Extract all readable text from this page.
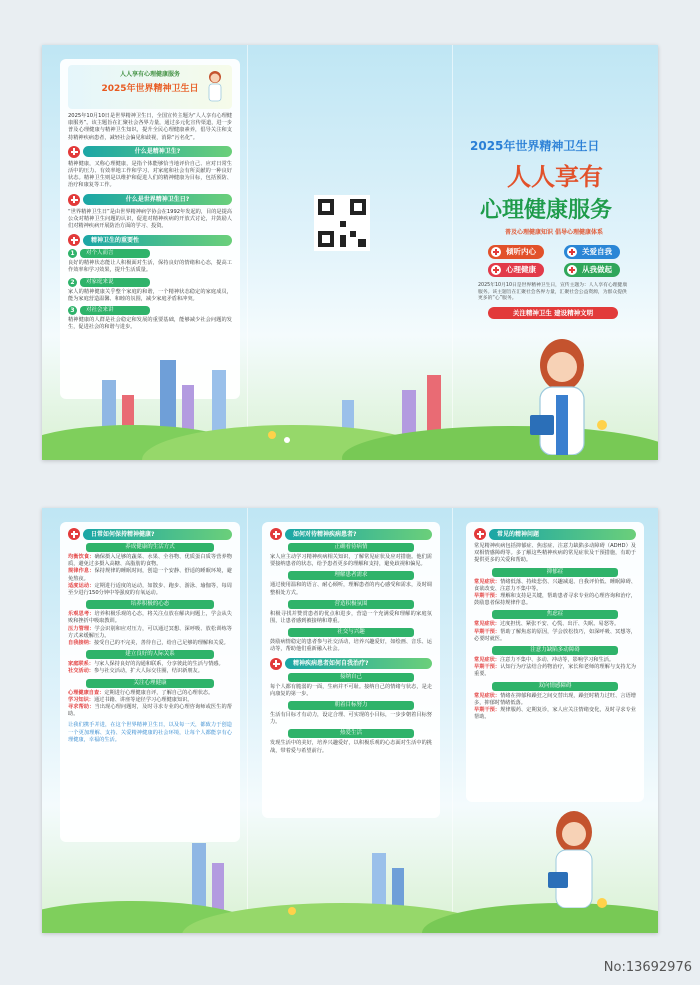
人人享有心理健康服务
2025年世界精神卫生日
2025年10月10日是世界精神卫生日，全国宣传主题为“人人享有心理健康服务”。该主题旨在汇聚社会各界力量，通过多元化宣传渠道，进一步普及心理健康与精神卫生知识，提升全民心理健康素养，倡导关注和支持精神疾病患者，减轻社会偏见和歧视，消除“污名化”。
什么是精神卫生?
精神健康，又称心理健康，是指个体能够恰当地评价自己、应对日常生活中的压力、有效率地工作和学习、对家庭和社会有所贡献的一种良好状态。精神卫生则是以维护和促进人们的精神健康为目标，包括预防、治疗和康复等工作。
什么是世界精神卫生日?
“世界精神卫生日”是由世界精神病学协会在1992年发起的，目的是提高公众对精神卫生问题的认识，促进对精神疾病的开放式讨论，并鼓励人们对精神疾病开展防治方面的学习、投资。
精神卫生的重要性
1	对个人而言
良好的精神状态能让人积极面对生活，保持良好的情绪和心态，提高工作效率和学习效果，提升生活质量。
2	对家庭来说
家人的精神健康关乎整个家庭的和谐，一个精神状态稳定的家庭成员，能为家庭营造温馨、和睦的氛围，减少家庭矛盾和冲突。
3	对社会来讲
精神健康的人群是社会稳定和发展的重要基础，能够减少社会问题的发生，促进社会的和谐与进步。
2025年世界精神卫生日
人人享有
心理健康服务
普及心理健康知识 倡导心理健康体系
倾听内心	关爱自我
心理健康	从我做起
2025年10月10日是世界精神卫生日，宣传主题为：人人享有心理健康服务。该主题旨在汇聚社会各界力量，汇聚社会公益资源，为群众提供更多的“心”服务。
关注精神卫生 建设精神文明
日常如何保持精神健康?
养成健康的生活方式
均衡饮食：确保摄入足够的蔬菜、水果、全谷物、优质蛋白质等营养物质，避免过多摄入高糖、高脂肪的食物。
规律作息：保持规律的睡眠时间，创造一个安静、舒适的睡眠环境，避免熬夜。
适度运动：定期进行适度的运动，如散步、跑步、游泳、瑜伽等，每周至少进行150分钟中等强度的有氧运动。
培养积极的心态
乐观思考：培养积极乐观的心态，将关注点放在解决问题上，学会从失败和挫折中吸取教训。
压力管理：学会识别和应对压力，可以通过冥想、深呼吸、放松训练等方式来缓解压力。
自我接纳：接受自己的不完美，善待自己，给自己足够的理解和关爱。
建立良好的人际关系
家庭联系：与家人保持良好的沟通和联系，分享彼此的生活与情感。
社交活动：参与社交活动，扩大人际交往圈，结识新朋友。
关注心理健康
心理健康自查：定期进行心理健康自评，了解自己的心理状态。
学习知识：通过书籍、讲座等途径学习心理健康知识。
寻求帮助：当出现心理问题时，及时寻求专业的心理咨询师或医生的帮助。
让我们携手并进，在这个世界精神卫生日，以及每一天，都致力于创造一个更加理解、支持、关爱精神健康的社会环境，让每个人都能享有心理健康，幸福的生活。
如何对待精神疾病患者?
正确看待病情
家人应主动学习精神疾病相关知识，了解常见症状及应对措施。他们需要接纳患者的状态，给予患者更多的理解和支持，避免歧视和偏见。
理解患者需求
通过使用温和的语言、耐心倾听，理解患者的内心感受和需求，及时调整相处方式。
营造积极氛围
积极寻找并赞赏患者的优点和进步，营造一个充满爱和理解的家庭氛围，让患者感到被接纳和尊重。
社交与兴趣
鼓励病情稳定的患者参与社交活动，培养兴趣爱好，如绘画、音乐、运动等，帮助他们重新融入社会。
精神疾病患者如何自我治疗?
接纳自己
每个人都有脆弱的一面，生病并不可耻。接纳自己的情绪与状态，是走向康复的第一步。
朝着目标努力
生活有目标才有动力，设定合理、可实现的小目标，一步步朝着目标努力。
热爱生活
发现生活中的美好，培养兴趣爱好，以积极乐观的心态面对生活中的挑战，带着爱与希望前行。
常见的精神问题
常见精神疾病包括抑郁症、焦虑症、注意力缺陷多动障碍（ADHD）及双相情感障碍等。多了解这些精神疾病的常见症状及干预措施，有助于提供更多的关爱和帮助。
抑郁症
常见症状：情绪低落、持续悲伤、兴趣减退、自我评价低、睡眠障碍、食欲改变、注意力不集中等。
早期干预：理解和支持是关键，帮助患者寻求专业的心理咨询和治疗，鼓励患者保持规律作息。
焦虑症
常见症状：过度担忧、紧张不安、心慌、出汗、失眠、易怒等。
早期干预：帮助了解焦虑的原因，学会放松技巧，如深呼吸、冥想等，必要时就医。
注意力缺陷多动障碍
常见症状：注意力不集中、多动、冲动等，影响学习和生活。
早期干预：认知行为疗法结合药物治疗，家长和老师的理解与支持尤为重要。
双向情感障碍
常见症状：情绪在抑郁和躁狂之间交替出现，躁狂时精力过旺、言语增多，抑郁时情绪低落。
早期干预：规律服药、定期复诊，家人应关注情绪变化，及时寻求专业帮助。
No:13692976
